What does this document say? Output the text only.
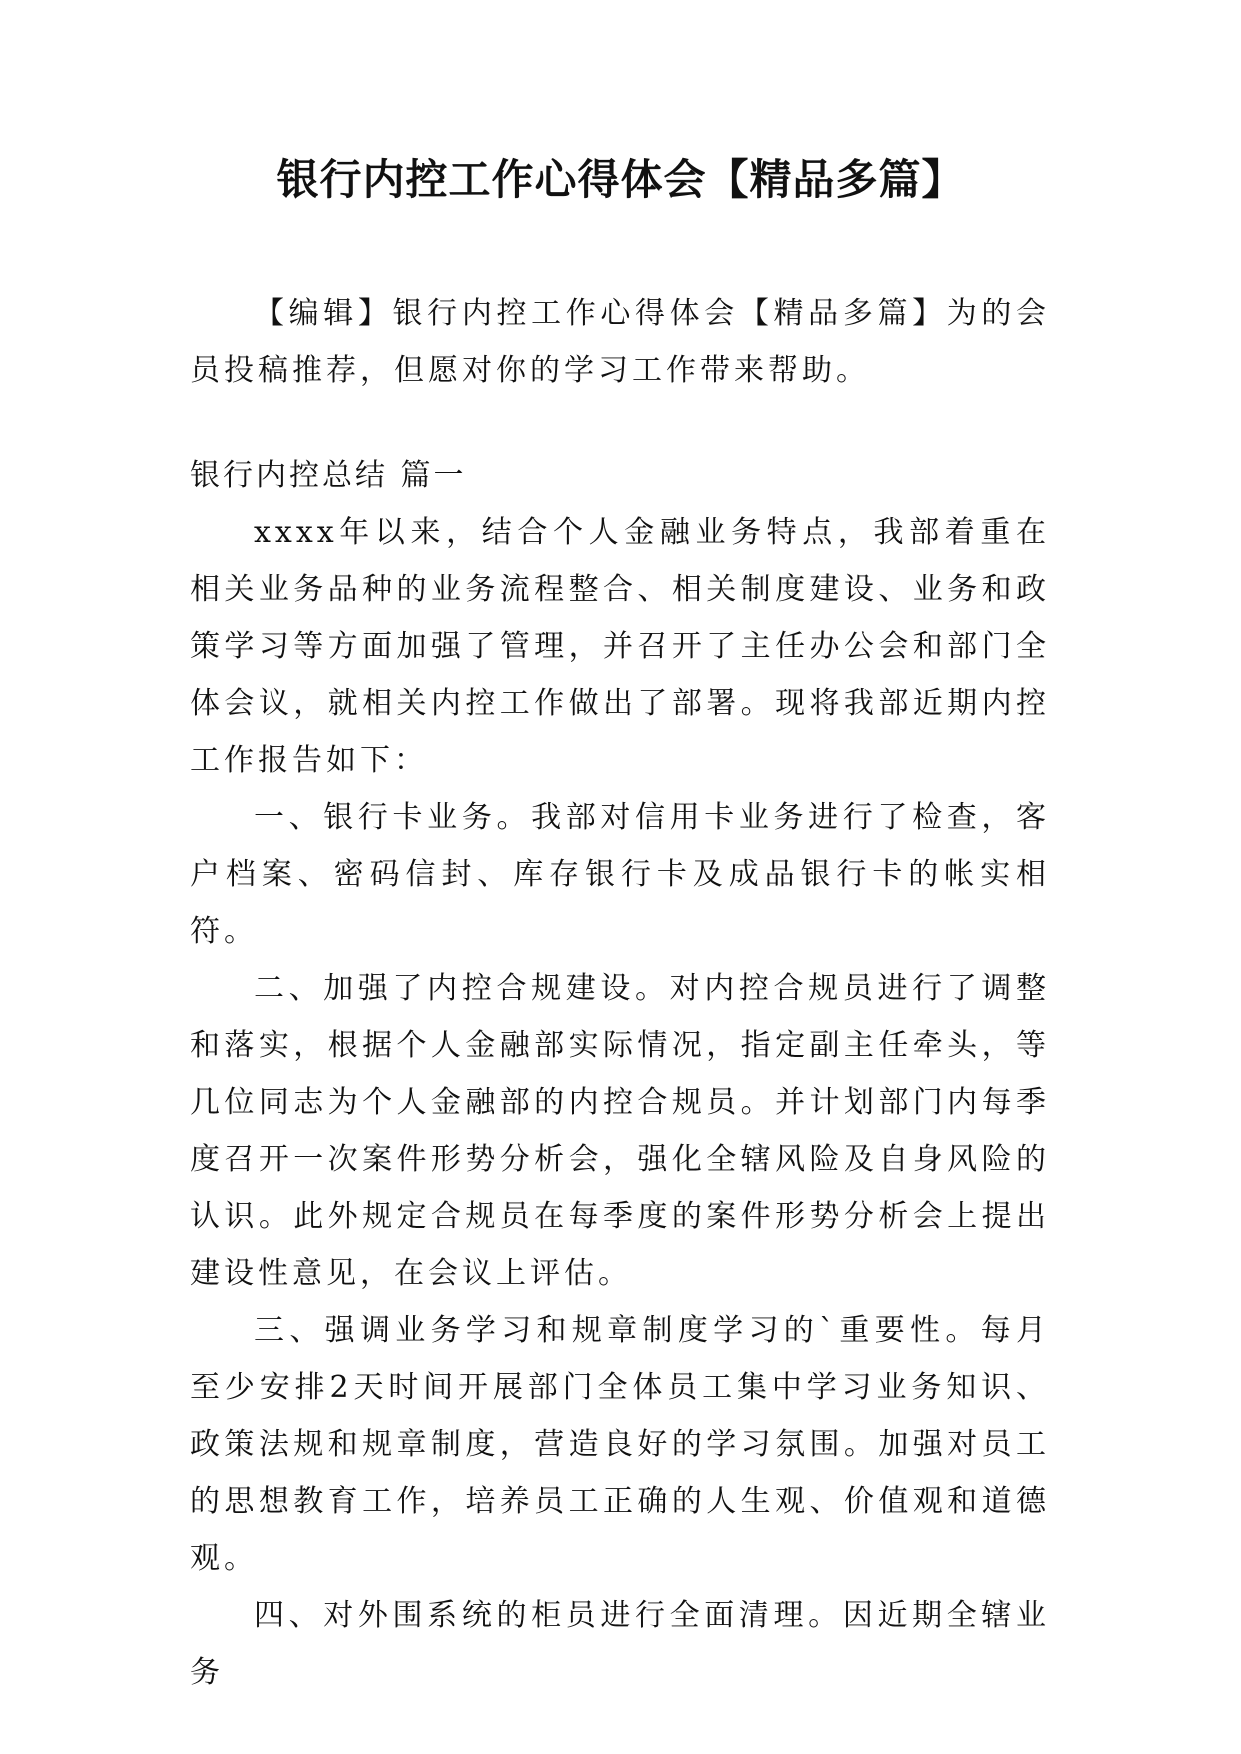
银行内控工作心得体会【精品多篇】

【编辑】银行内控工作心得体会【精品多篇】为的会员投稿推荐，但愿对你的学习工作带来帮助。

银行内控总结 篇一

xxxx年以来，结合个人金融业务特点，我部着重在相关业务品种的业务流程整合、相关制度建设、业务和政策学习等方面加强了管理，并召开了主任办公会和部门全体会议，就相关内控工作做出了部署。现将我部近期内控工作报告如下：

一、银行卡业务。我部对信用卡业务进行了检查，客户档案、密码信封、库存银行卡及成品银行卡的帐实相符。

二、加强了内控合规建设。对内控合规员进行了调整和落实，根据个人金融部实际情况，指定副主任牵头，等几位同志为个人金融部的内控合规员。并计划部门内每季度召开一次案件形势分析会，强化全辖风险及自身风险的认识。此外规定合规员在每季度的案件形势分析会上提出建设性意见，在会议上评估。

三、强调业务学习和规章制度学习的`重要性。每月至少安排2天时间开展部门全体员工集中学习业务知识、政策法规和规章制度，营造良好的学习氛围。加强对员工的思想教育工作，培养员工正确的人生观、价值观和道德观。

四、对外围系统的柜员进行全面清理。因近期全辖业务
